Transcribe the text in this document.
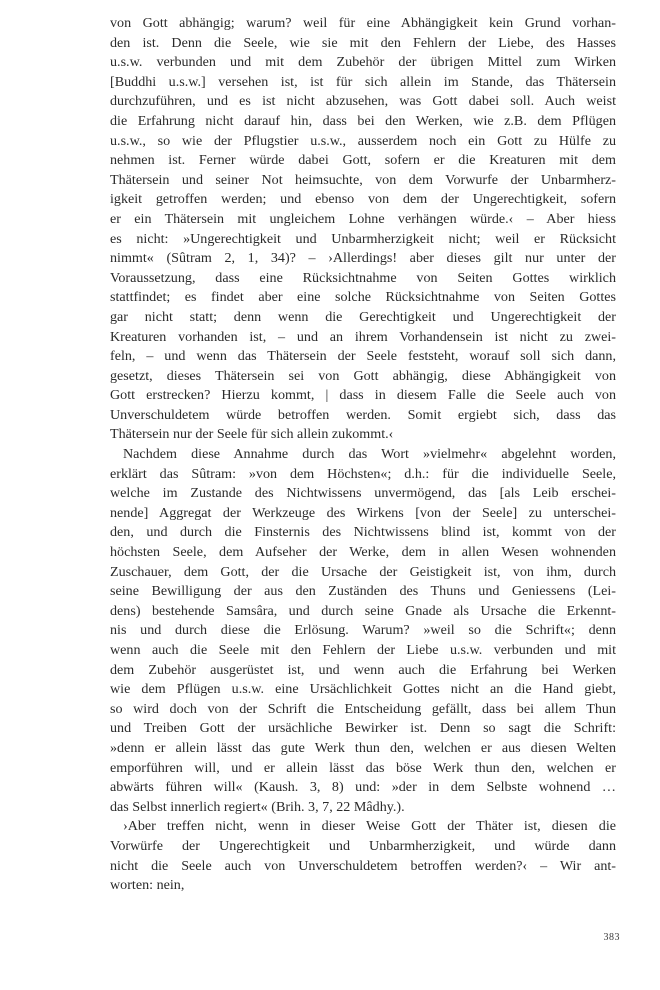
von Gott abhängig; warum? weil für eine Abhängigkeit kein Grund vorhan-
den ist. Denn die Seele, wie sie mit den Fehlern der Liebe, des Hasses
u.s.w. verbunden und mit dem Zubehör der übrigen Mittel zum Wirken
[Buddhi u.s.w.] versehen ist, ist für sich allein im Stande, das Thätersein
durchzuführen, und es ist nicht abzusehen, was Gott dabei soll. Auch weist
die Erfahrung nicht darauf hin, dass bei den Werken, wie z.B. dem Pflügen
u.s.w., so wie der Pflugstier u.s.w., ausserdem noch ein Gott zu Hülfe zu
nehmen ist. Ferner würde dabei Gott, sofern er die Kreaturen mit dem
Thätersein und seiner Not heimsuchte, von dem Vorwurfe der Unbarmherz-
igkeit getroffen werden; und ebenso von dem der Ungerechtigkeit, sofern
er ein Thätersein mit ungleichem Lohne verhängen würde.‹ – Aber hiess
es nicht: »Ungerechtigkeit und Unbarmherzigkeit nicht; weil er Rücksicht
nimmt« (Sûtram 2, 1, 34)? – ›Allerdings! aber dieses gilt nur unter der
Voraussetzung, dass eine Rücksichtnahme von Seiten Gottes wirklich
stattfindet; es findet aber eine solche Rücksichtnahme von Seiten Gottes
gar nicht statt; denn wenn die Gerechtigkeit und Ungerechtigkeit der
Kreaturen vorhanden ist, – und an ihrem Vorhandensein ist nicht zu zwei-
feln, – und wenn das Thätersein der Seele feststeht, worauf soll sich dann,
gesetzt, dieses Thätersein sei von Gott abhängig, diese Abhängigkeit von
Gott erstrecken? Hierzu kommt, | dass in diesem Falle die Seele auch von
Unverschuldetem würde betroffen werden. Somit ergiebt sich, dass das
Thätersein nur der Seele für sich allein zukommt.‹
Nachdem diese Annahme durch das Wort »vielmehr« abgelehnt worden,
erklärt das Sûtram: »von dem Höchsten«; d.h.: für die individuelle Seele,
welche im Zustande des Nichtwissens unvermögend, das [als Leib erschei-
nende] Aggregat der Werkzeuge des Wirkens [von der Seele] zu unterschei-
den, und durch die Finsternis des Nichtwissens blind ist, kommt von der
höchsten Seele, dem Aufseher der Werke, dem in allen Wesen wohnenden
Zuschauer, dem Gott, der die Ursache der Geistigkeit ist, von ihm, durch
seine Bewilligung der aus den Zuständen des Thuns und Geniessens (Lei-
dens) bestehende Samsâra, und durch seine Gnade als Ursache die Erkennt-
nis und durch diese die Erlösung. Warum? »weil so die Schrift«; denn
wenn auch die Seele mit den Fehlern der Liebe u.s.w. verbunden und mit
dem Zubehör ausgerüstet ist, und wenn auch die Erfahrung bei Werken
wie dem Pflügen u.s.w. eine Ursächlichkeit Gottes nicht an die Hand giebt,
so wird doch von der Schrift die Entscheidung gefällt, dass bei allem Thun
und Treiben Gott der ursächliche Bewirker ist. Denn so sagt die Schrift:
»denn er allein lässt das gute Werk thun den, welchen er aus diesen Welten
emporführen will, und er allein lässt das böse Werk thun den, welchen er
abwärts führen will« (Kaush. 3, 8) und: »der in dem Selbste wohnend …
das Selbst innerlich regiert« (Brih. 3, 7, 22 Mâdhy.).
›Aber treffen nicht, wenn in dieser Weise Gott der Thäter ist, diesen die
Vorwürfe der Ungerechtigkeit und Unbarmherzigkeit, und würde dann
nicht die Seele auch von Unverschuldetem betroffen werden?‹ – Wir ant-
worten: nein,
383
